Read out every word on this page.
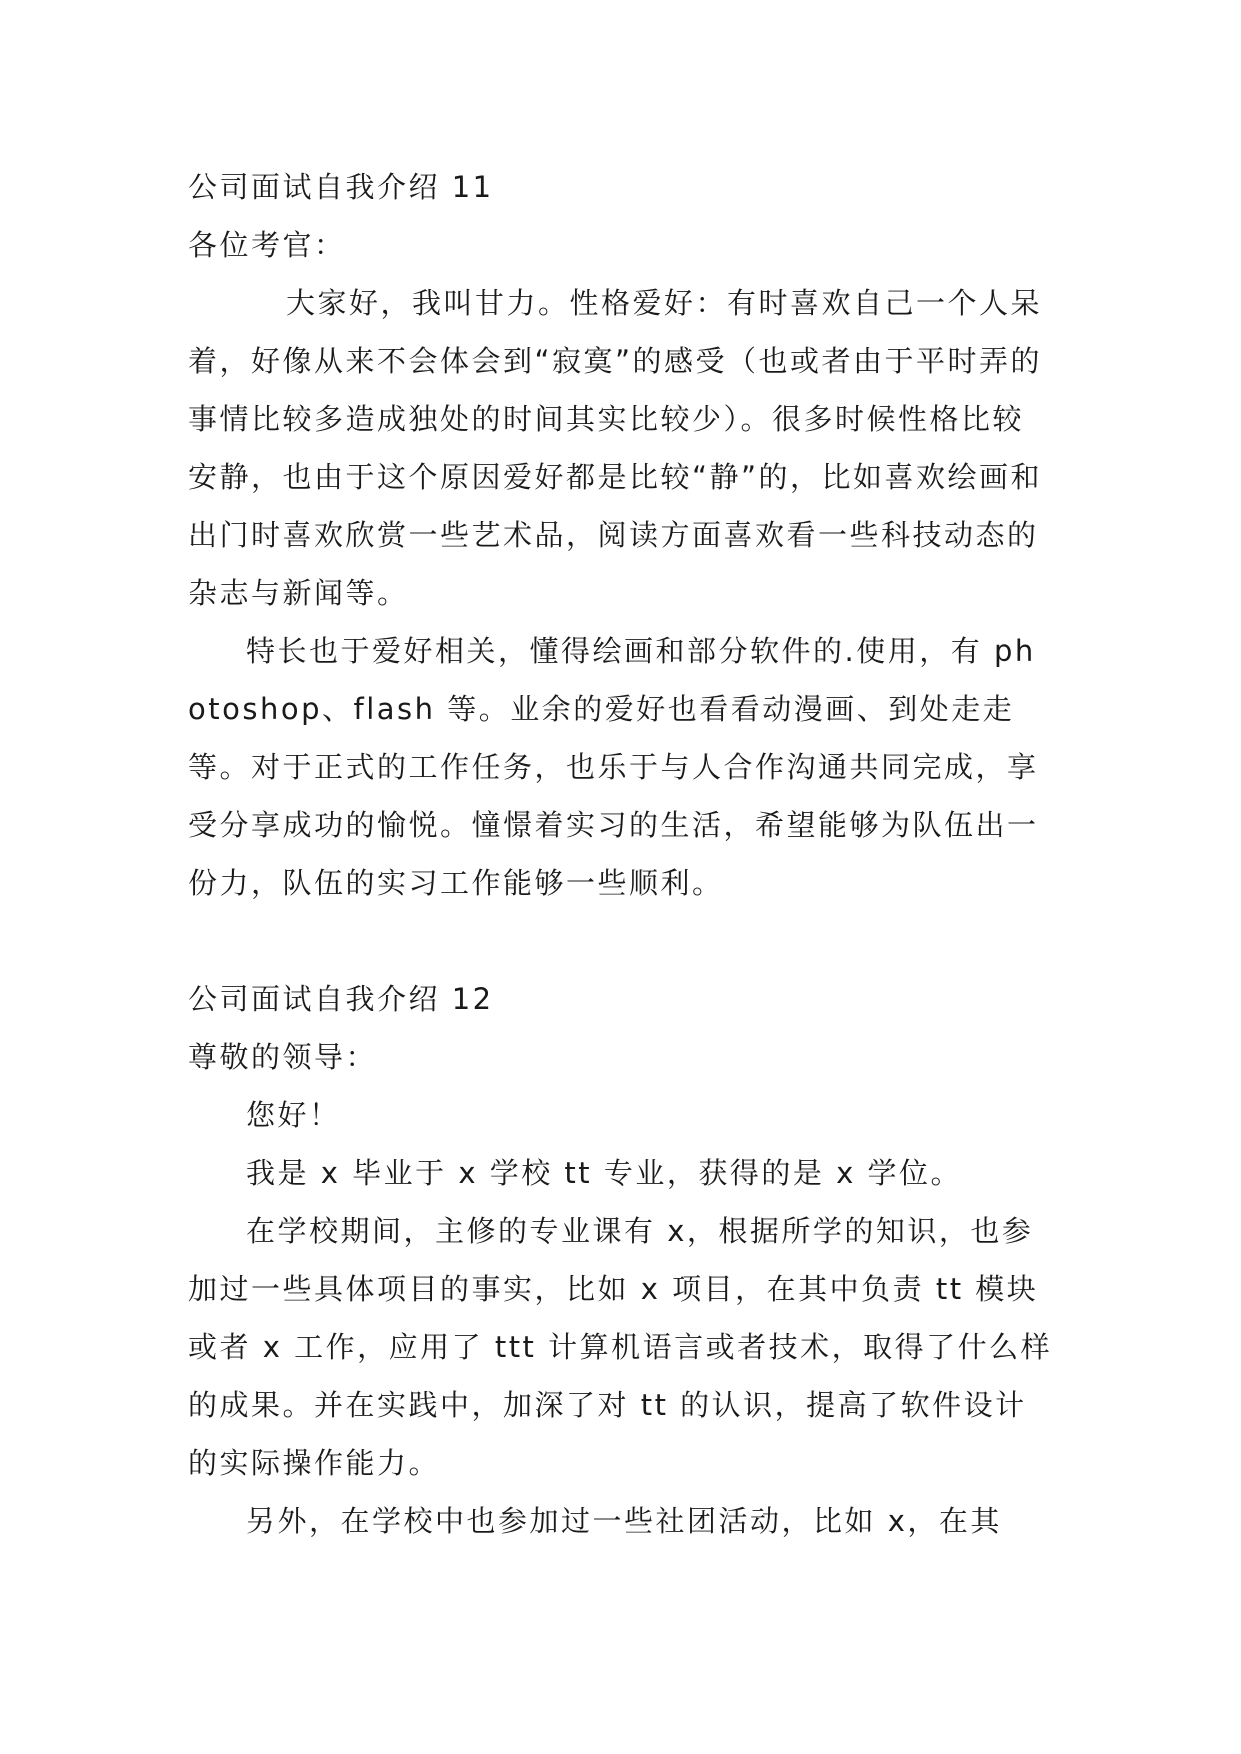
公司面试自我介绍 11

各位考官：

大家好，我叫甘力。性格爱好：有时喜欢自己一个人呆着，好像从来不会体会到“寂寞”的感受（也或者由于平时弄的事情比较多造成独处的时间其实比较少）。很多时候性格比较安静，也由于这个原因爱好都是比较“静”的，比如喜欢绘画和出门时喜欢欣赏一些艺术品，阅读方面喜欢看一些科技动态的杂志与新闻等。

特长也于爱好相关，懂得绘画和部分软件的.使用，有 photoshop、flash 等。业余的爱好也看看动漫画、到处走走等。对于正式的工作任务，也乐于与人合作沟通共同完成，享受分享成功的愉悦。憧憬着实习的生活，希望能够为队伍出一份力，队伍的实习工作能够一些顺利。

公司面试自我介绍 12

尊敬的领导：

您好！

我是 x 毕业于 x 学校 tt 专业，获得的是 x 学位。

在学校期间，主修的专业课有 x，根据所学的知识，也参加过一些具体项目的事实，比如 x 项目，在其中负责 tt 模块或者 x 工作，应用了 ttt 计算机语言或者技术，取得了什么样的成果。并在实践中，加深了对 tt 的认识，提高了软件设计的实际操作能力。

另外，在学校中也参加过一些社团活动，比如 x，在其
